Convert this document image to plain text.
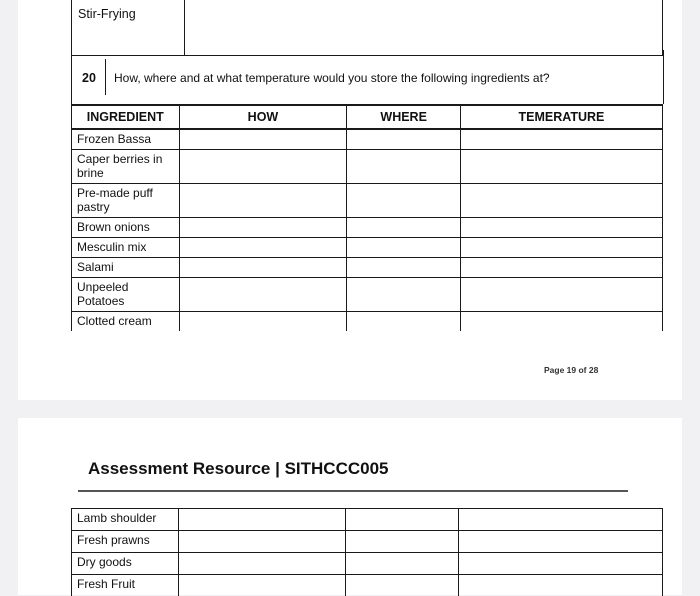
Stir-Frying	
20 How, where and at what temperature would you store the following ingredients at?
INGREDIENT	HOW	WHERE	TEMERATURE
Frozen Bassa			
Caper berries in brine			
Pre-made puff pastry			
Brown onions			
Mesculin mix			
Salami			
Unpeeled Potatoes			
Clotted cream			
Page 19 of 28
Assessment Resource | SITHCCC005
Lamb shoulder			
Fresh prawns			
Dry goods			
Fresh Fruit			
